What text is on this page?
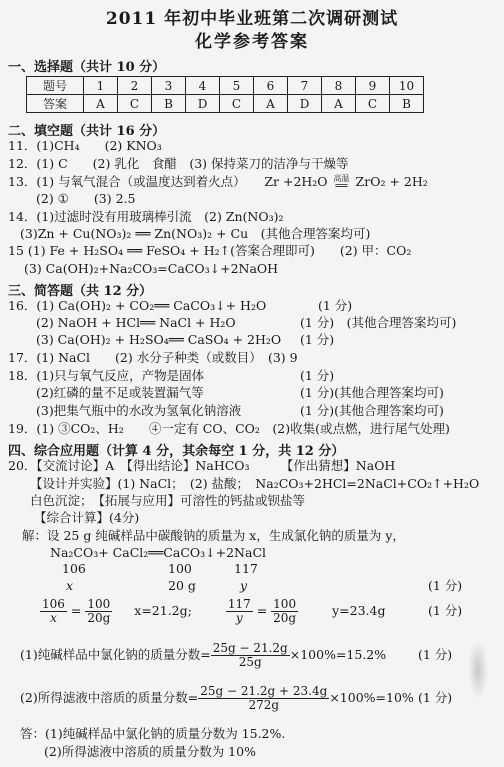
2011 年初中毕业班第二次调研测试
化学参考答案
一、选择题（共计 10 分）
题号	1	2	3	4	5	6	7	8	9	10
答案	A	C	B	D	C	A	D	A	C	B
二、填空题（共计 16 分）
11．(1)CH₄　　(2) KNO₃
12．(1) C　　(2) 乳化　食醋　(3) 保持菜刀的洁净与干燥等
13．(1) 与氧气混合（或温度达到着火点）　　Zr +2H₂O 高温
══ ZrO₂ + 2H₂
(2) ①　　(3) 2.5
14．(1)过滤时没有用玻璃棒引流　(2) Zn(NO₃)₂
(3)Zn + Cu(NO₃)₂ ══ Zn(NO₃)₂ + Cu　(其他合理答案均可)
15 (1) Fe + H₂SO₄ ══ FeSO₄ + H₂↑(答案合理即可)　　(2) 甲：CO₂
(3) Ca(OH)₂+Na₂CO₃=CaCO₃↓+2NaOH
三、简答题（共 12 分）
16．(1) Ca(OH)₂ + CO₂══ CaCO₃↓+ H₂O	(1 分)
(2) NaOH + HCl══ NaCl + H₂O	(1 分)　(其他合理答案均可)
(3) Ca(OH)₂ + H₂SO₄══ CaSO₄ + 2H₂O (1 分)
17．(1) NaCl　　(2) 水分子种类（或数目）　(3) 9
18．(1)只与氧气反应，产物是固体	(1 分)
(2)红磷的量不足或装置漏气等	(1 分)(其他合理答案均可)
(3)把集气瓶中的水改为氢氧化钠溶液	(1 分)(其他合理答案均可)
19．(1) ③CO₂、H₂　　④一定有 CO、CO₂　(2)收集(或点燃，进行尾气处理)
四、综合应用题（计算 4 分，其余每空 1 分，共 12 分）
20．【交流讨论】A　【得出结论】NaHCO₃　　　【作出猜想】NaOH
【设计并实验】(1) NaCl；　(2) 盐酸；　Na₂CO₃+2HCl=2NaCl+CO₂↑+H₂O
白色沉淀；　【拓展与应用】可溶性的钙盐或钡盐等
【综合计算】(4分)
解：设 25 g 纯碱样品中碳酸钠的质量为 x，生成氯化钠的质量为 y，
Na₂CO₃+ CaCl₂══CaCO₃↓+2NaCl
106	100	117
x	20 g	y	(1 分)
$\frac{106}{x} = \frac{100}{20g} x=21.2g$;	$\frac{117}{y} = \frac{100}{20g}$	y=23.4g	(1 分)
(1)纯碱样品中氯化钠的质量分数= $\frac{25g - 21.2g}{25g} \times 100\%=15.2\%$	(1 分)
(2)所得滤液中溶质的质量分数= $\frac{25g - 21.2g + 23.4g}{272g} \times 100\%=10\%$ (1 分)
答：(1)纯碱样品中氯化钠的质量分数为 15.2%.
(2)所得滤液中溶质的质量分数为 10%
